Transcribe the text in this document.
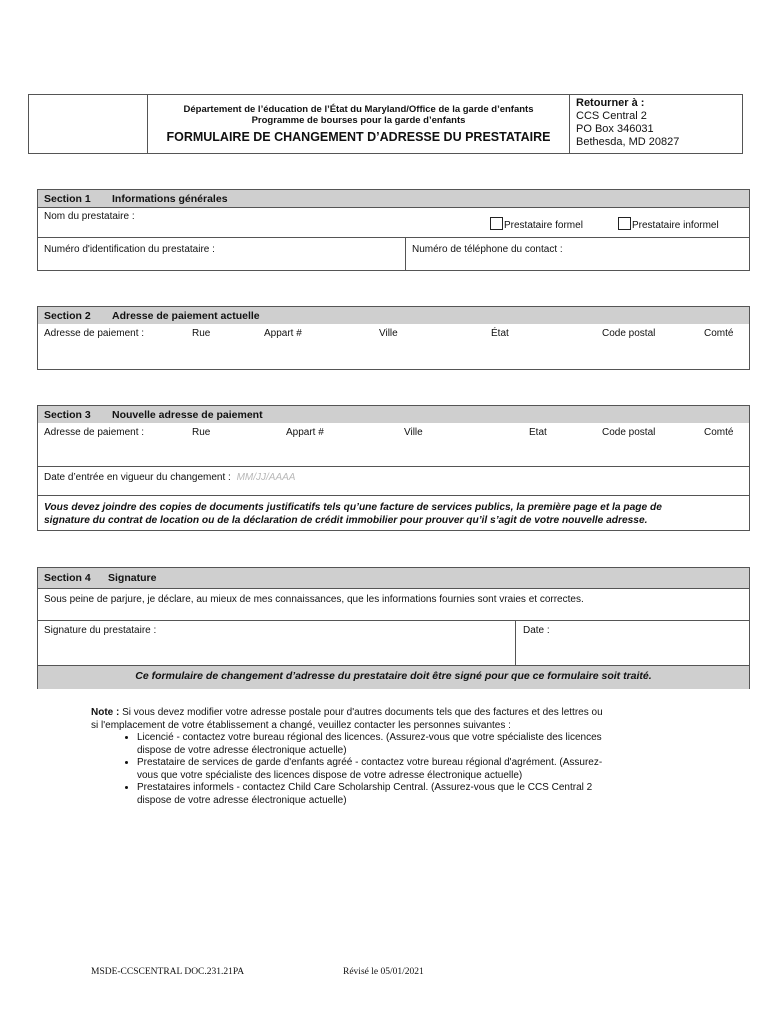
Département de l’éducation de l’État du Maryland/Office de la garde d’enfants
Programme de bourses pour la garde d’enfants
FORMULAIRE DE CHANGEMENT D’ADRESSE DU PRESTATAIRE
Retourner à :
CCS Central 2
PO Box 346031
Bethesda, MD 20827
Section 1 Informations générales
Nom du prestataire :
Prestataire formel	Prestataire informel
Numéro d'identification du prestataire :	Numéro de téléphone du contact :
Section 2 Adresse de paiement actuelle
Adresse de paiement :	Rue	Appart #	Ville	État	Code postal	Comté
Section 3 Nouvelle adresse de paiement
Adresse de paiement :	Rue	Appart #	Ville	Etat	Code postal	Comté
Date d’entrée en vigueur du changement : MM/JJ/AAAA
Vous devez joindre des copies de documents justificatifs tels qu’une facture de services publics, la première page et la page de
signature du contrat de location ou de la déclaration de crédit immobilier pour prouver qu’il s’agit de votre nouvelle adresse.
Section 4 Signature
Sous peine de parjure, je déclare, au mieux de mes connaissances, que les informations fournies sont vraies et correctes.
Signature du prestataire :	Date :
Ce formulaire de changement d’adresse du prestataire doit être signé pour que ce formulaire soit traité.
Note : Si vous devez modifier votre adresse postale pour d'autres documents tels que des factures et des lettres ou
si l'emplacement de votre établissement a changé, veuillez contacter les personnes suivantes :
• Licencié - contactez votre bureau régional des licences. (Assurez-vous que votre spécialiste des licences
dispose de votre adresse électronique actuelle)
• Prestataire de services de garde d'enfants agréé - contactez votre bureau régional d'agrément. (Assurez-
vous que votre spécialiste des licences dispose de votre adresse électronique actuelle)
• Prestataires informels - contactez Child Care Scholarship Central. (Assurez-vous que le CCS Central 2
dispose de votre adresse électronique actuelle)
MSDE-CCSCENTRAL DOC.231.21PA	Révisé le 05/01/2021
